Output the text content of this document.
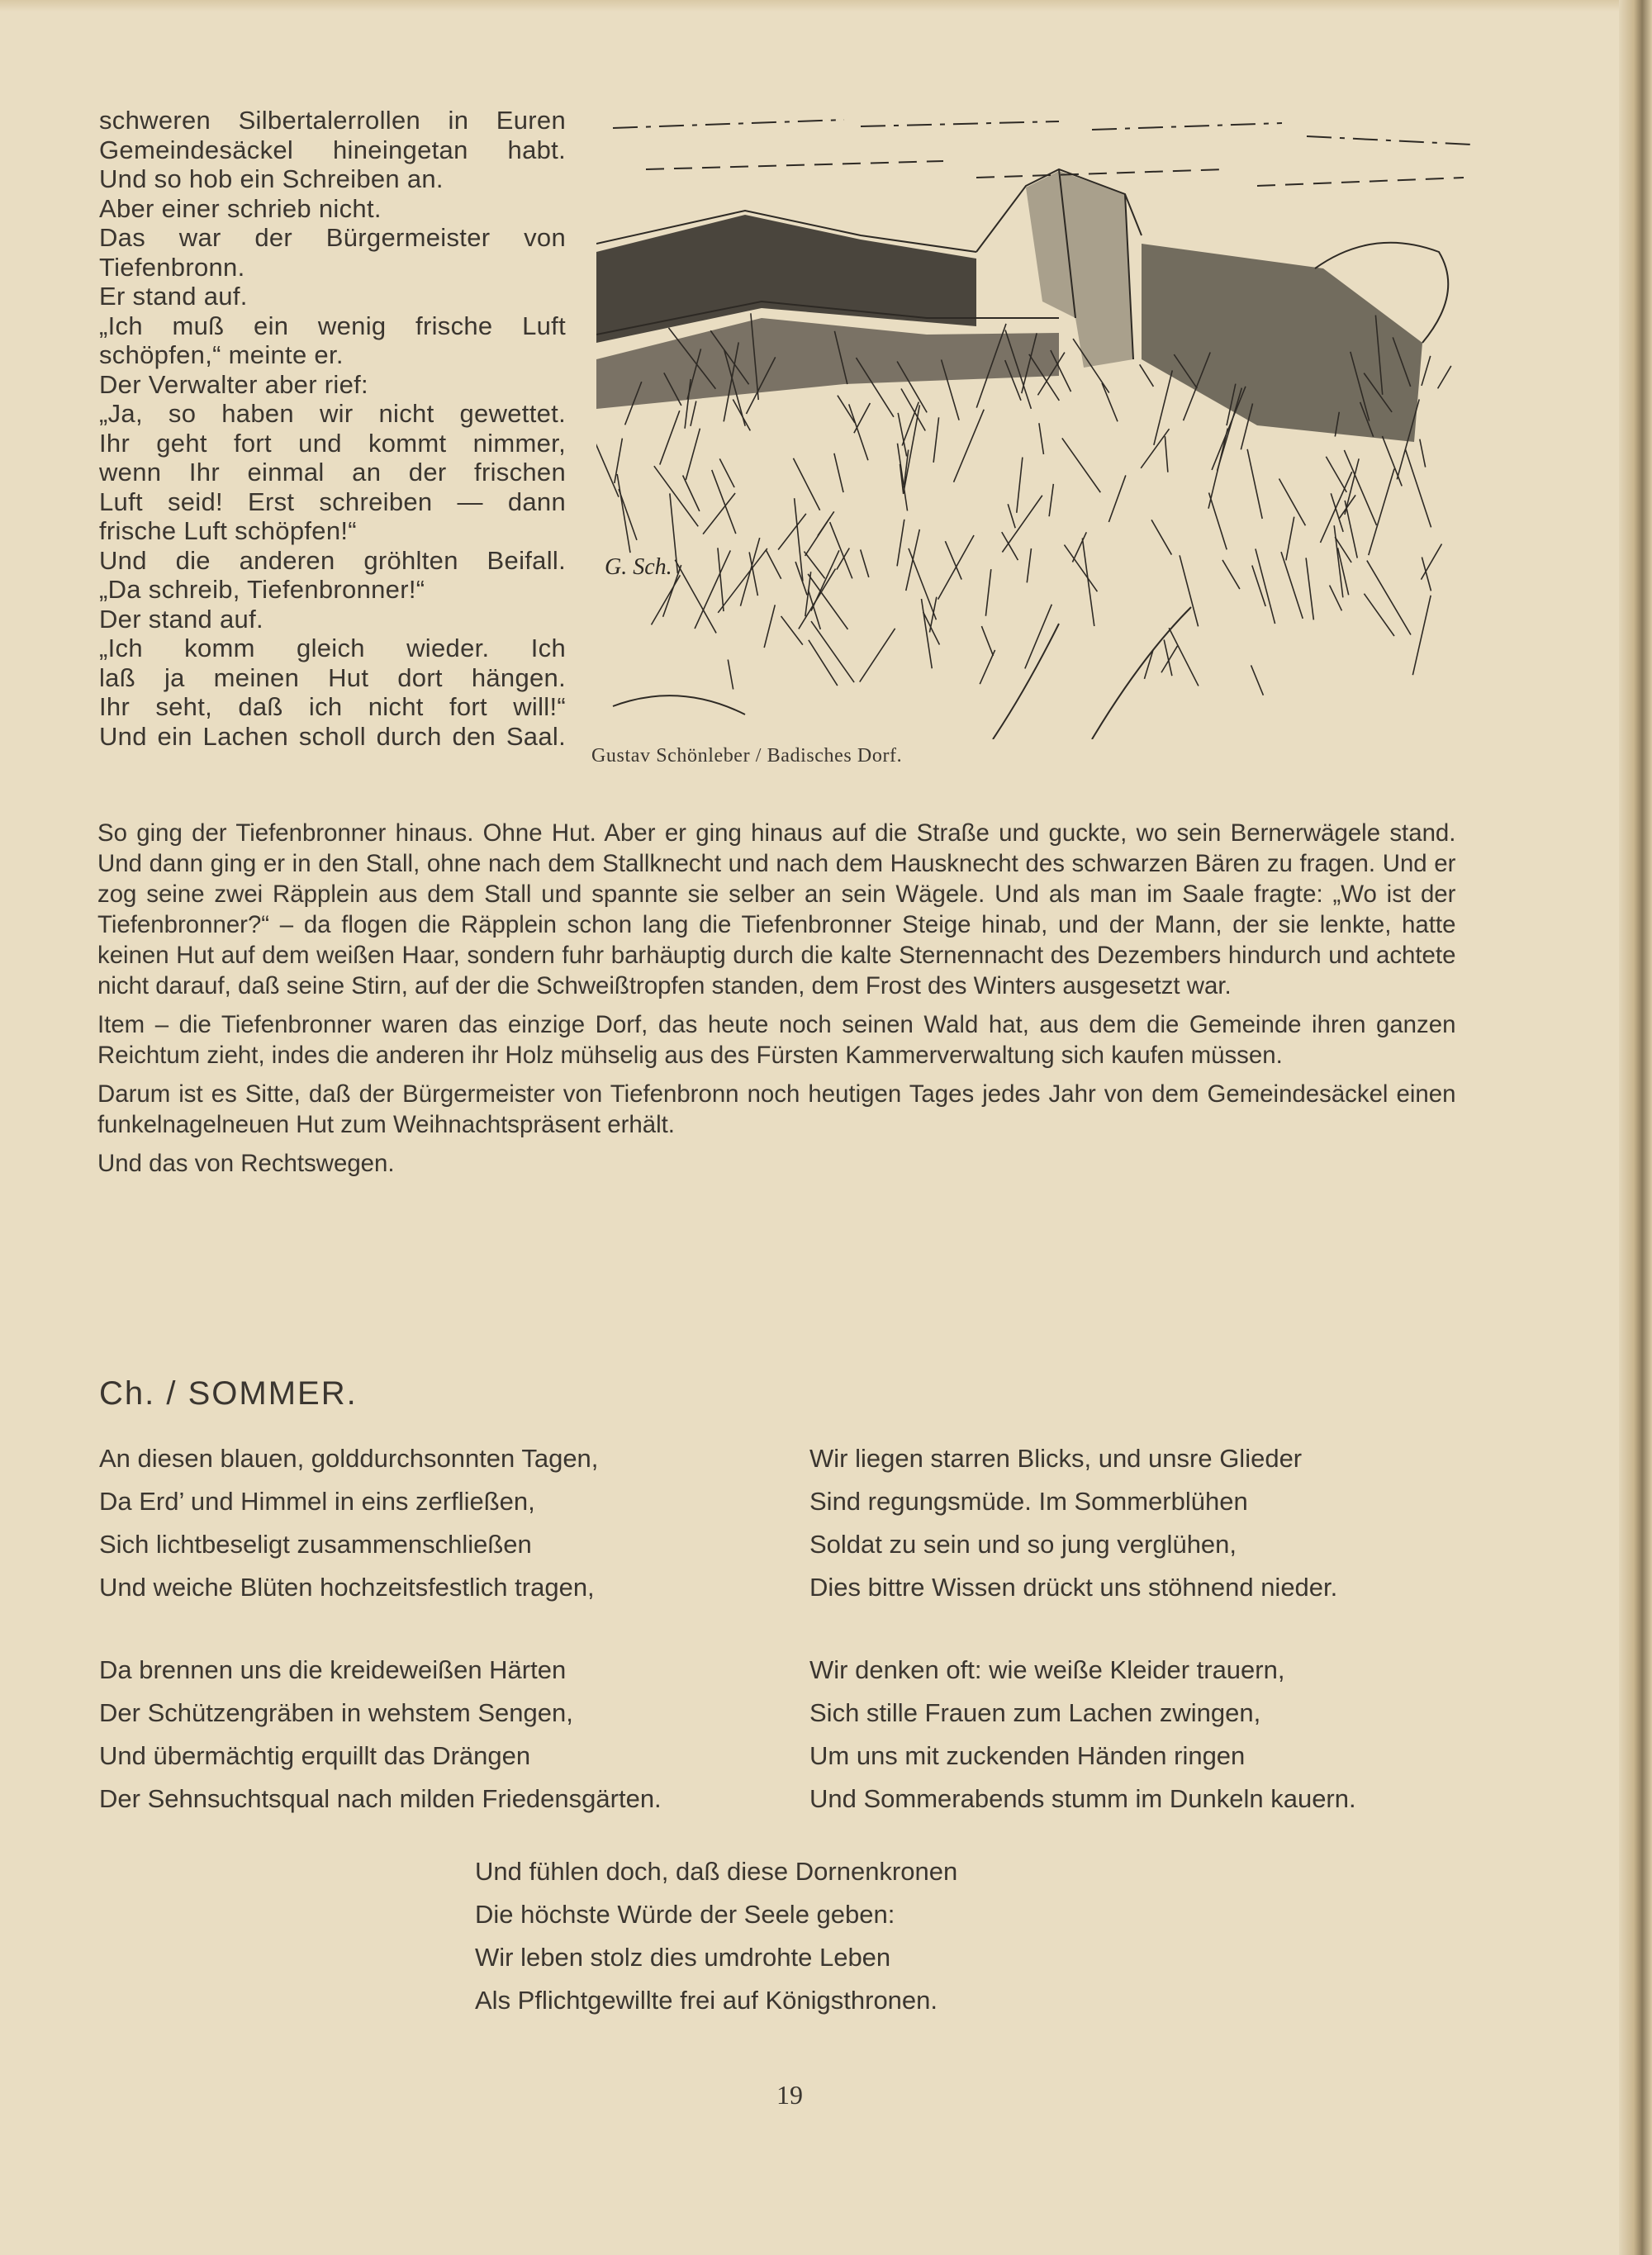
schweren Silbertalerrollen in Euren
Gemeindesäckel hineingetan habt.
Und so hob ein Schreiben an.
Aber einer schrieb nicht.
Das war der Bürgermeister von
Tiefenbronn.
Er stand auf.
„Ich muß ein wenig frische Luft
schöpfen,“ meinte er.
Der Verwalter aber rief:
„Ja, so haben wir nicht gewettet.
Ihr geht fort und kommt nimmer,
wenn Ihr einmal an der frischen
Luft seid! Erst schreiben — dann
frische Luft schöpfen!“
Und die anderen gröhlten Beifall.
„Da schreib, Tiefenbronner!“
Der stand auf.
„Ich komm gleich wieder. Ich
laß ja meinen Hut dort hängen.
Ihr seht, daß ich nicht fort will!“
Und ein Lachen scholl durch den Saal.
G. Sch.
Gustav Schönleber / Badisches Dorf.

So ging der Tiefenbronner hinaus. Ohne Hut. Aber er ging hinaus auf die Straße und guckte, wo sein Bernerwägele stand. Und dann ging er in den Stall, ohne nach dem Stallknecht und nach dem Hausknecht des schwarzen Bären zu fragen. Und er zog seine zwei Räpplein aus dem Stall und spannte sie selber an sein Wägele. Und als man im Saale fragte: „Wo ist der Tiefenbronner?“ – da flogen die Räpplein schon lang die Tiefenbronner Steige hinab, und der Mann, der sie lenkte, hatte keinen Hut auf dem weißen Haar, sondern fuhr barhäuptig durch die kalte Sternennacht des Dezembers hindurch und achtete nicht darauf, daß seine Stirn, auf der die Schweißtropfen standen, dem Frost des Winters ausgesetzt war.

Item – die Tiefenbronner waren das einzige Dorf, das heute noch seinen Wald hat, aus dem die Gemeinde ihren ganzen Reichtum zieht, indes die anderen ihr Holz mühselig aus des Fürsten Kammerverwaltung sich kaufen müssen.

Darum ist es Sitte, daß der Bürgermeister von Tiefenbronn noch heutigen Tages jedes Jahr von dem Gemeindesäckel einen funkelnagelneuen Hut zum Weihnachtspräsent erhält.

Und das von Rechtswegen.

Ch. / SOMMER.
An diesen blauen, golddurchsonnten Tagen,
Da Erd’ und Himmel in eins zerfließen,
Sich lichtbeseligt zusammenschließen
Und weiche Blüten hochzeitsfestlich tragen,
Da brennen uns die kreideweißen Härten
Der Schützengräben in wehstem Sengen,
Und übermächtig erquillt das Drängen
Der Sehnsuchtsqual nach milden Friedensgärten.
Wir liegen starren Blicks, und unsre Glieder
Sind regungsmüde. Im Sommerblühen
Soldat zu sein und so jung verglühen,
Dies bittre Wissen drückt uns stöhnend nieder.
Wir denken oft: wie weiße Kleider trauern,
Sich stille Frauen zum Lachen zwingen,
Um uns mit zuckenden Händen ringen
Und Sommerabends stumm im Dunkeln kauern.
Und fühlen doch, daß diese Dornenkronen
Die höchste Würde der Seele geben:
Wir leben stolz dies umdrohte Leben
Als Pflichtgewillte frei auf Königsthronen.
19
